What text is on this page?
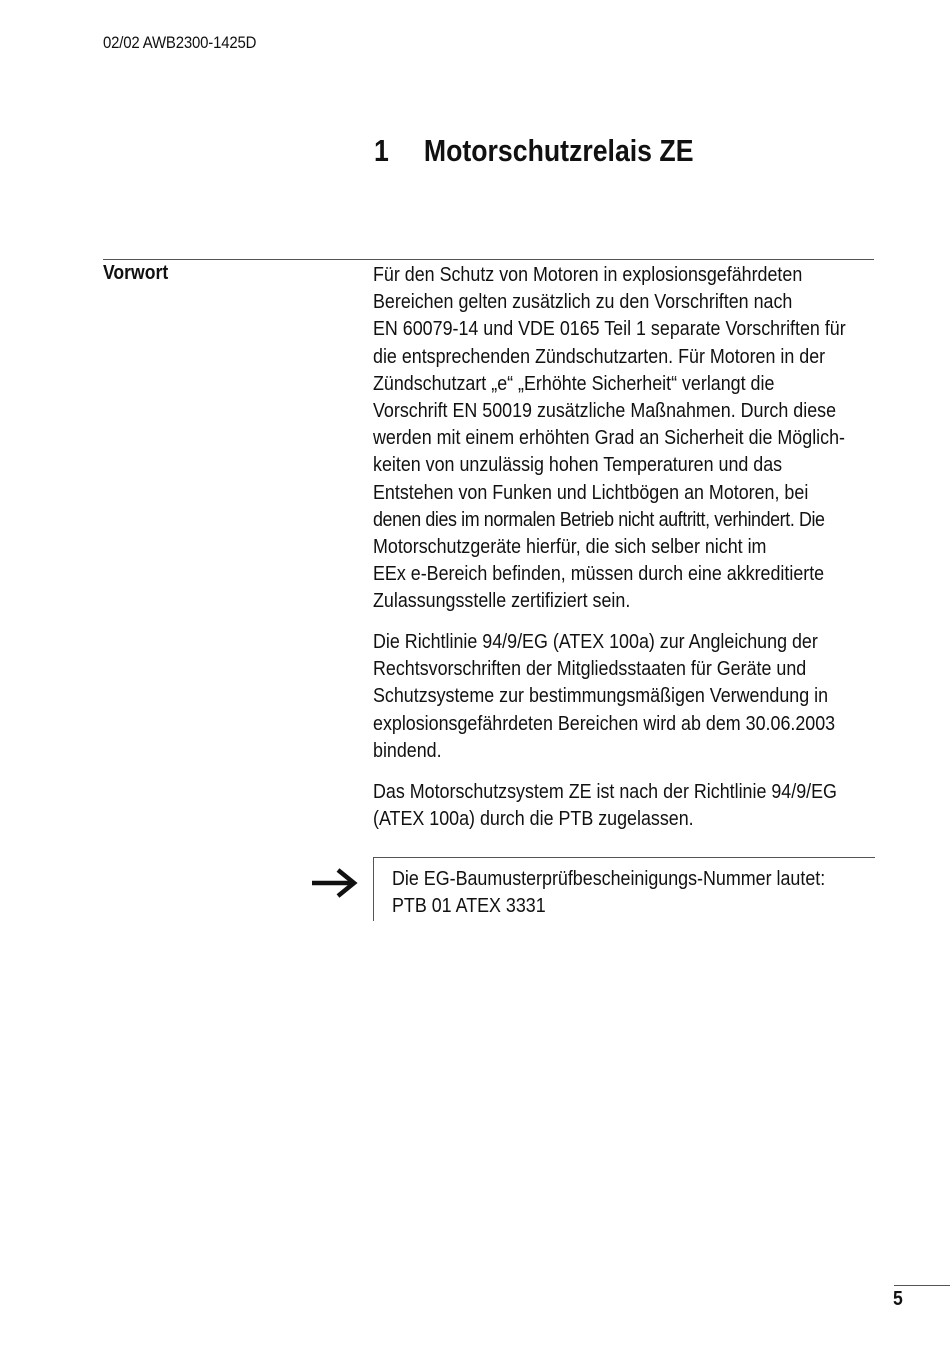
02/02 AWB2300-1425D
1 Motorschutzrelais ZE
Vorwort	Für den Schutz von Motoren in explosionsgefährdeten
Bereichen gelten zusätzlich zu den Vorschriften nach
EN 60079-14 und VDE 0165 Teil 1 separate Vorschriften für
die entsprechenden Zündschutzarten. Für Motoren in der
Zündschutzart „e“ „Erhöhte Sicherheit“ verlangt die
Vorschrift EN 50019 zusätzliche Maßnahmen. Durch diese
werden mit einem erhöhten Grad an Sicherheit die Möglich-
keiten von unzulässig hohen Temperaturen und das
Entstehen von Funken und Lichtbögen an Motoren, bei
denen dies im normalen Betrieb nicht auftritt, verhindert. Die
Motorschutzgeräte hierfür, die sich selber nicht im
EEx e-Bereich befinden, müssen durch eine akkreditierte
Zulassungsstelle zertifiziert sein.

Die Richtlinie 94/9/EG (ATEX 100a) zur Angleichung der
Rechtsvorschriften der Mitgliedsstaaten für Geräte und
Schutzsysteme zur bestimmungsmäßigen Verwendung in
explosionsgefährdeten Bereichen wird ab dem 30.06.2003
bindend.

Das Motorschutzsystem ZE ist nach der Richtlinie 94/9/EG
(ATEX 100a) durch die PTB zugelassen.

Die EG-Baumusterprüfbescheinigungs-Nummer lautet:
PTB 01 ATEX 3331

5
